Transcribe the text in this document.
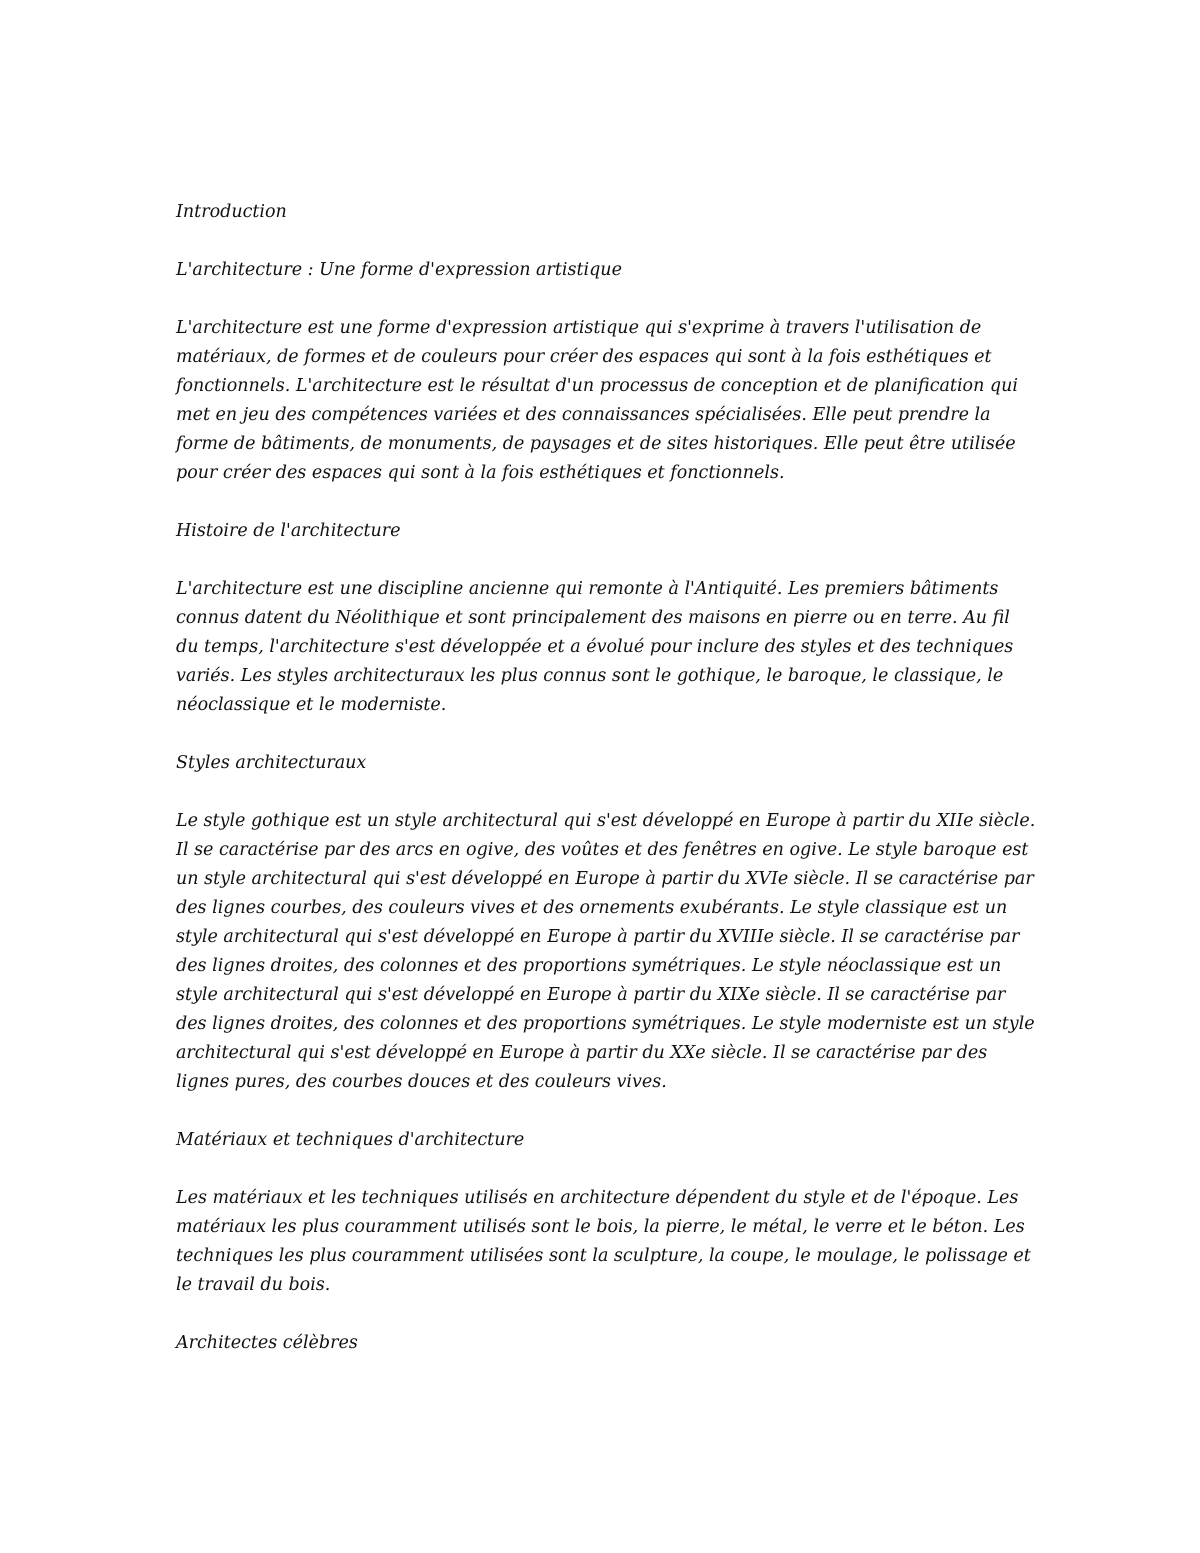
Introduction

L'architecture : Une forme d'expression artistique

L'architecture est une forme d'expression artistique qui s'exprime à travers l'utilisation de
matériaux, de formes et de couleurs pour créer des espaces qui sont à la fois esthétiques et
fonctionnels. L'architecture est le résultat d'un processus de conception et de planification qui
met en jeu des compétences variées et des connaissances spécialisées. Elle peut prendre la
forme de bâtiments, de monuments, de paysages et de sites historiques. Elle peut être utilisée
pour créer des espaces qui sont à la fois esthétiques et fonctionnels.

Histoire de l'architecture

L'architecture est une discipline ancienne qui remonte à l'Antiquité. Les premiers bâtiments
connus datent du Néolithique et sont principalement des maisons en pierre ou en terre. Au fil
du temps, l'architecture s'est développée et a évolué pour inclure des styles et des techniques
variés. Les styles architecturaux les plus connus sont le gothique, le baroque, le classique, le
néoclassique et le moderniste.

Styles architecturaux

Le style gothique est un style architectural qui s'est développé en Europe à partir du XIIe siècle.
Il se caractérise par des arcs en ogive, des voûtes et des fenêtres en ogive. Le style baroque est
un style architectural qui s'est développé en Europe à partir du XVIe siècle. Il se caractérise par
des lignes courbes, des couleurs vives et des ornements exubérants. Le style classique est un
style architectural qui s'est développé en Europe à partir du XVIIIe siècle. Il se caractérise par
des lignes droites, des colonnes et des proportions symétriques. Le style néoclassique est un
style architectural qui s'est développé en Europe à partir du XIXe siècle. Il se caractérise par
des lignes droites, des colonnes et des proportions symétriques. Le style moderniste est un style
architectural qui s'est développé en Europe à partir du XXe siècle. Il se caractérise par des
lignes pures, des courbes douces et des couleurs vives.

Matériaux et techniques d'architecture

Les matériaux et les techniques utilisés en architecture dépendent du style et de l'époque. Les
matériaux les plus couramment utilisés sont le bois, la pierre, le métal, le verre et le béton. Les
techniques les plus couramment utilisées sont la sculpture, la coupe, le moulage, le polissage et
le travail du bois.

Architectes célèbres
